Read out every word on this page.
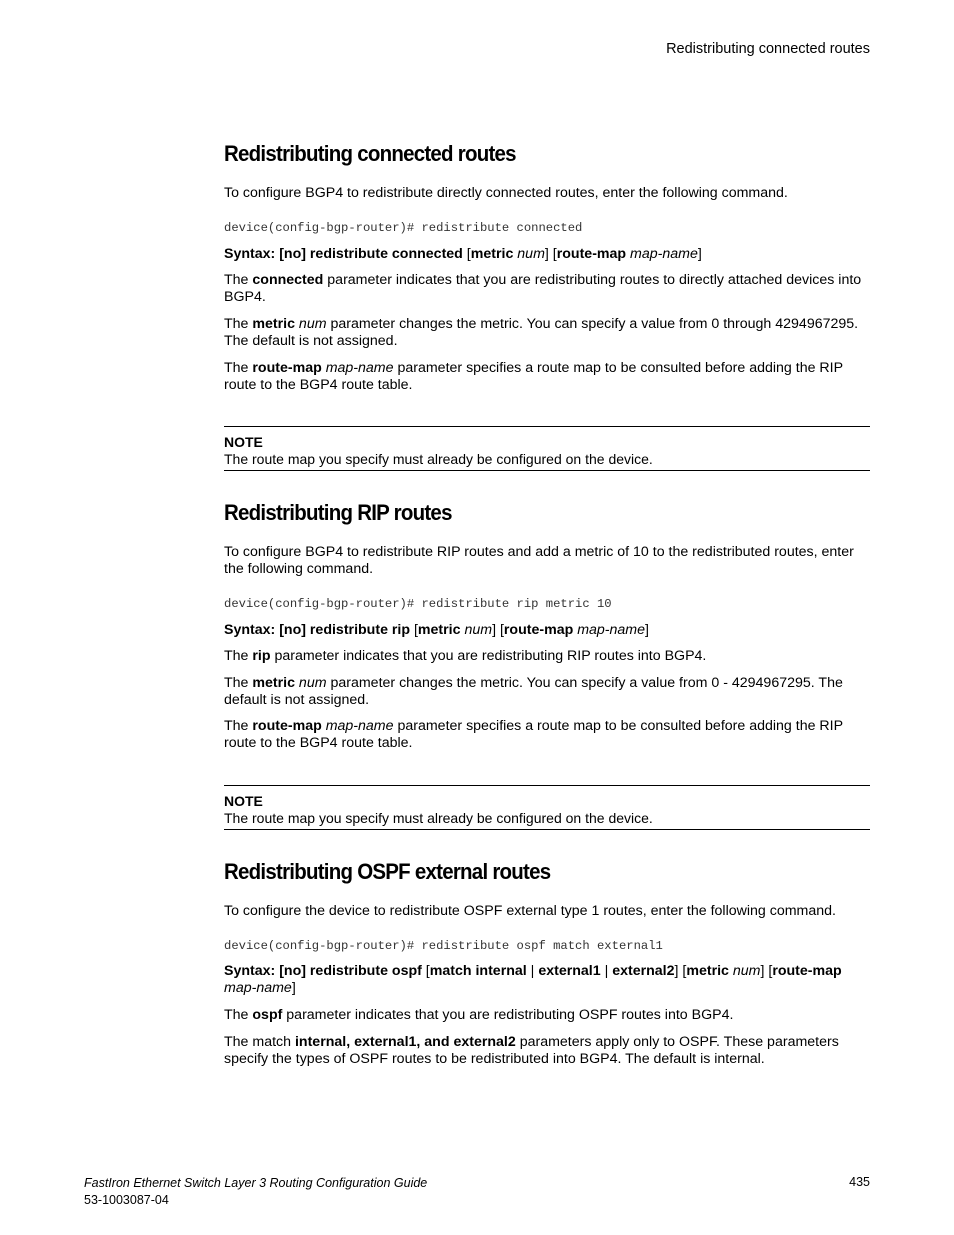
Redistributing connected routes
Redistributing connected routes

To configure BGP4 to redistribute directly connected routes, enter the following command.

device(config-bgp-router)# redistribute connected

Syntax: [no] redistribute connected [metric num] [route-map map-name]

The connected parameter indicates that you are redistributing routes to directly attached devices into BGP4.

The metric num parameter changes the metric. You can specify a value from 0 through 4294967295. The default is not assigned.

The route-map map-name parameter specifies a route map to be consulted before adding the RIP route to the BGP4 route table.

NOTE
The route map you specify must already be configured on the device.
Redistributing RIP routes

To configure BGP4 to redistribute RIP routes and add a metric of 10 to the redistributed routes, enter the following command.

device(config-bgp-router)# redistribute rip metric 10

Syntax: [no] redistribute rip [metric num] [route-map map-name]

The rip parameter indicates that you are redistributing RIP routes into BGP4.

The metric num parameter changes the metric. You can specify a value from 0 - 4294967295. The default is not assigned.

The route-map map-name parameter specifies a route map to be consulted before adding the RIP route to the BGP4 route table.

NOTE
The route map you specify must already be configured on the device.
Redistributing OSPF external routes

To configure the device to redistribute OSPF external type 1 routes, enter the following command.

device(config-bgp-router)# redistribute ospf match external1

Syntax: [no] redistribute ospf [match internal | external1 | external2] [metric num] [route-map
map-name]

The ospf parameter indicates that you are redistributing OSPF routes into BGP4.

The match internal, external1, and external2 parameters apply only to OSPF. These parameters specify the types of OSPF routes to be redistributed into BGP4. The default is internal.

FastIron Ethernet Switch Layer 3 Routing Configuration Guide
53-1003087-04
435
